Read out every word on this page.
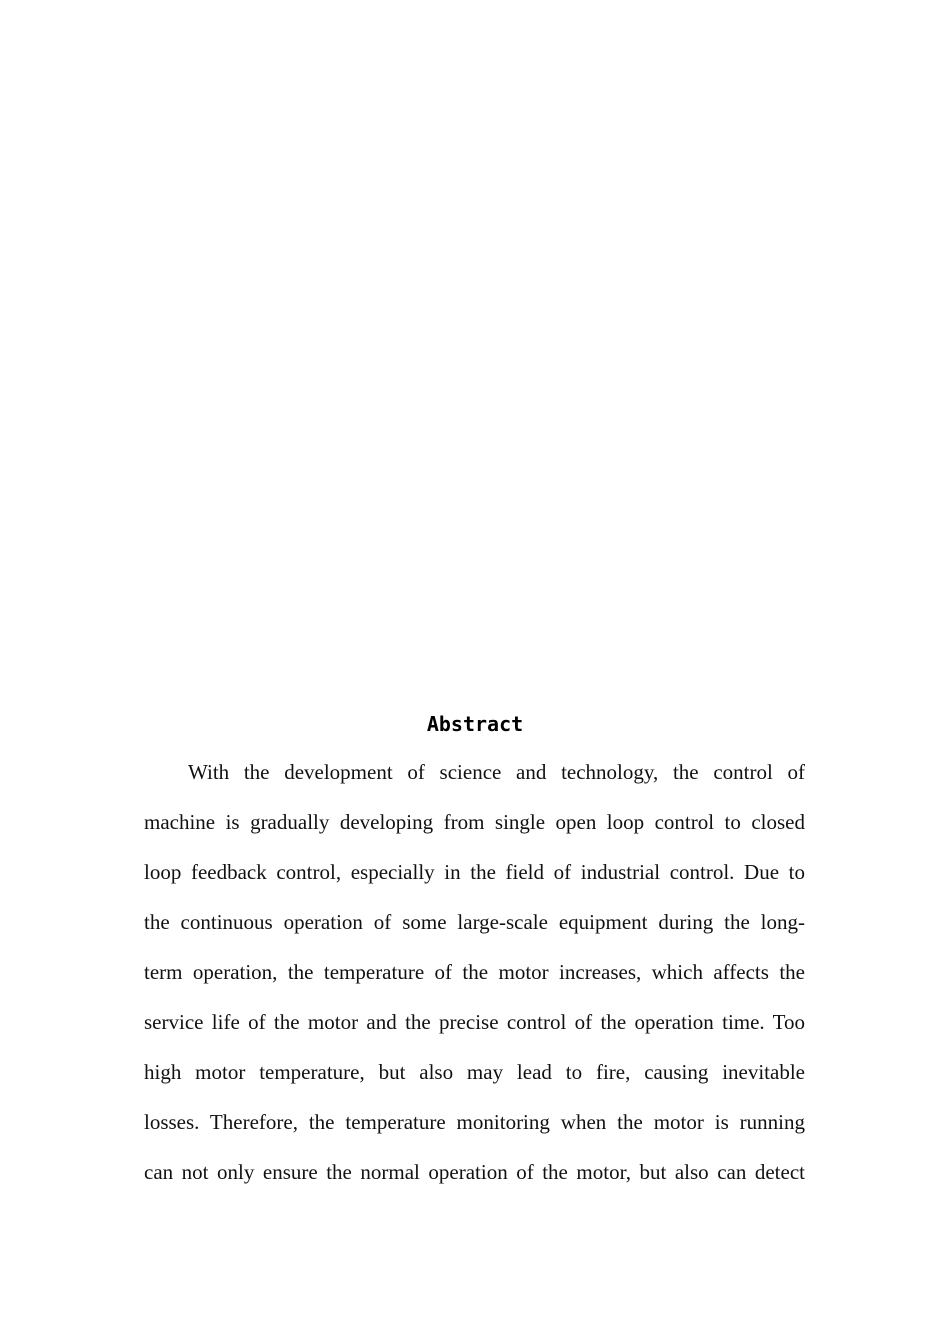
Abstract
With the development of science and technology, the control of
machine is gradually developing from single open loop control to closed
loop feedback control, especially in the field of industrial control. Due to
the continuous operation of some large-scale equipment during the long-
term operation, the temperature of the motor increases, which affects the
service life of the motor and the precise control of the operation time. Too
high motor temperature, but also may lead to fire, causing inevitable
losses. Therefore, the temperature monitoring when the motor is running
can not only ensure the normal operation of the motor, but also can detect
